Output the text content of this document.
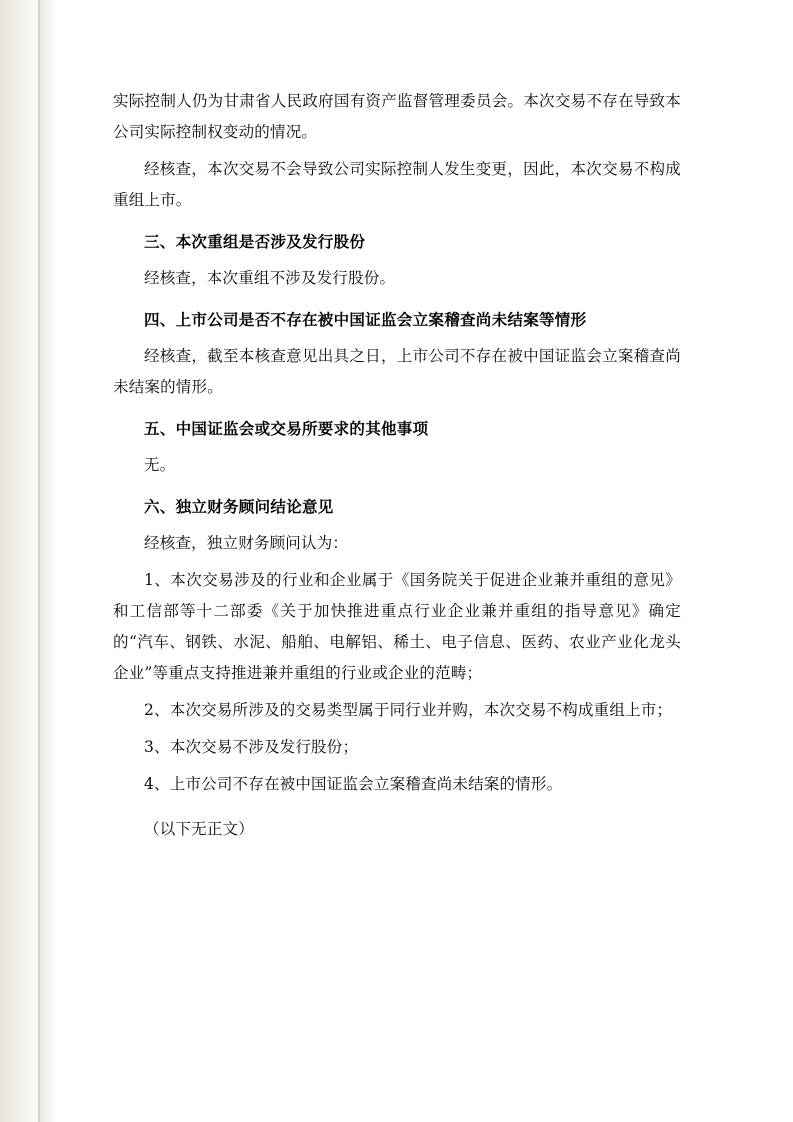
实际控制人仍为甘肃省人民政府国有资产监督管理委员会。本次交易不存在导致本公司实际控制权变动的情况。

经核查，本次交易不会导致公司实际控制人发生变更，因此，本次交易不构成重组上市。

三、本次重组是否涉及发行股份

经核查，本次重组不涉及发行股份。

四、上市公司是否不存在被中国证监会立案稽查尚未结案等情形

经核查，截至本核查意见出具之日，上市公司不存在被中国证监会立案稽查尚未结案的情形。

五、中国证监会或交易所要求的其他事项

无。

六、独立财务顾问结论意见

经核查，独立财务顾问认为：

1、本次交易涉及的行业和企业属于《国务院关于促进企业兼并重组的意见》和工信部等十二部委《关于加快推进重点行业企业兼并重组的指导意见》确定的“汽车、钢铁、水泥、船舶、电解铝、稀土、电子信息、医药、农业产业化龙头企业”等重点支持推进兼并重组的行业或企业的范畴；

2、本次交易所涉及的交易类型属于同行业并购，本次交易不构成重组上市；

3、本次交易不涉及发行股份；

4、上市公司不存在被中国证监会立案稽查尚未结案的情形。

（以下无正文）
